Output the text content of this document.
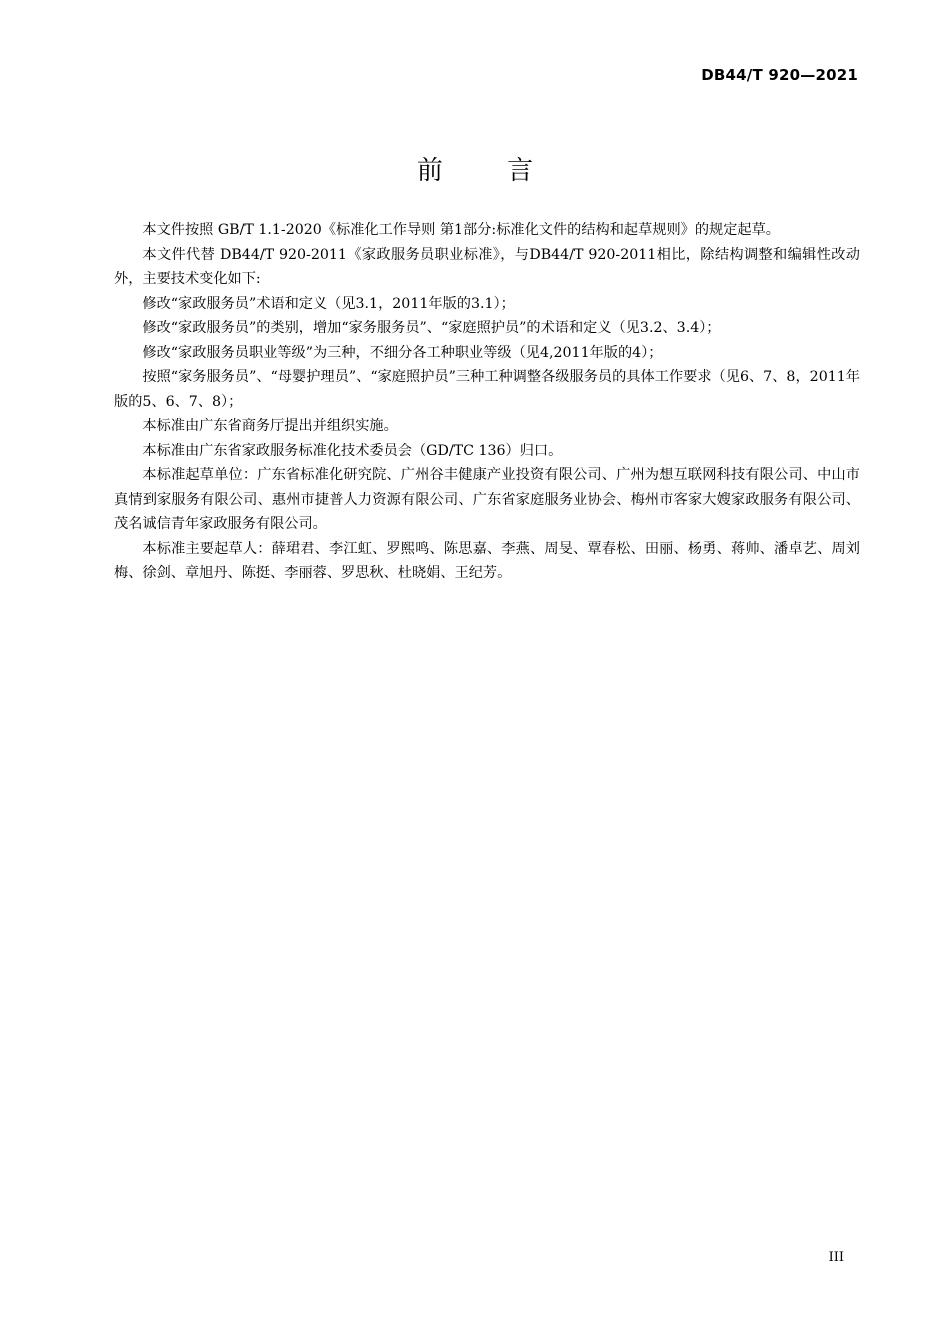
DB44/T 920—2021
前 言

本文件按照 GB/T 1.1-2020《标准化工作导则 第1部分:标准化文件的结构和起草规则》的规定起草。

本文件代替 DB44/T 920-2011《家政服务员职业标准》，与DB44/T 920-2011相比，除结构调整和编辑性改动外，主要技术变化如下:

修改“家政服务员”术语和定义（见3.1，2011年版的3.1）；

修改“家政服务员”的类别，增加“家务服务员”、“家庭照护员”的术语和定义（见3.2、3.4）；

修改“家政服务员职业等级”为三种，不细分各工种职业等级（见4,2011年版的4）；

按照“家务服务员”、“母婴护理员”、“家庭照护员”三种工种调整各级服务员的具体工作要求（见6、7、8，2011年版的5、6、7、8）；

本标准由广东省商务厅提出并组织实施。

本标准由广东省家政服务标准化技术委员会（GD/TC 136）归口。

本标准起草单位：广东省标准化研究院、广州谷丰健康产业投资有限公司、广州为想互联网科技有限公司、中山市真情到家服务有限公司、惠州市捷普人力资源有限公司、广东省家庭服务业协会、梅州市客家大嫂家政服务有限公司、茂名诚信青年家政服务有限公司。

本标准主要起草人：薛珺君、李江虹、罗熙鸣、陈思嘉、李燕、周旻、覃春松、田丽、杨勇、蒋帅、潘卓艺、周刘梅、徐剑、章旭丹、陈挺、李丽蓉、罗思秋、杜晓娟、王纪芳。

III
